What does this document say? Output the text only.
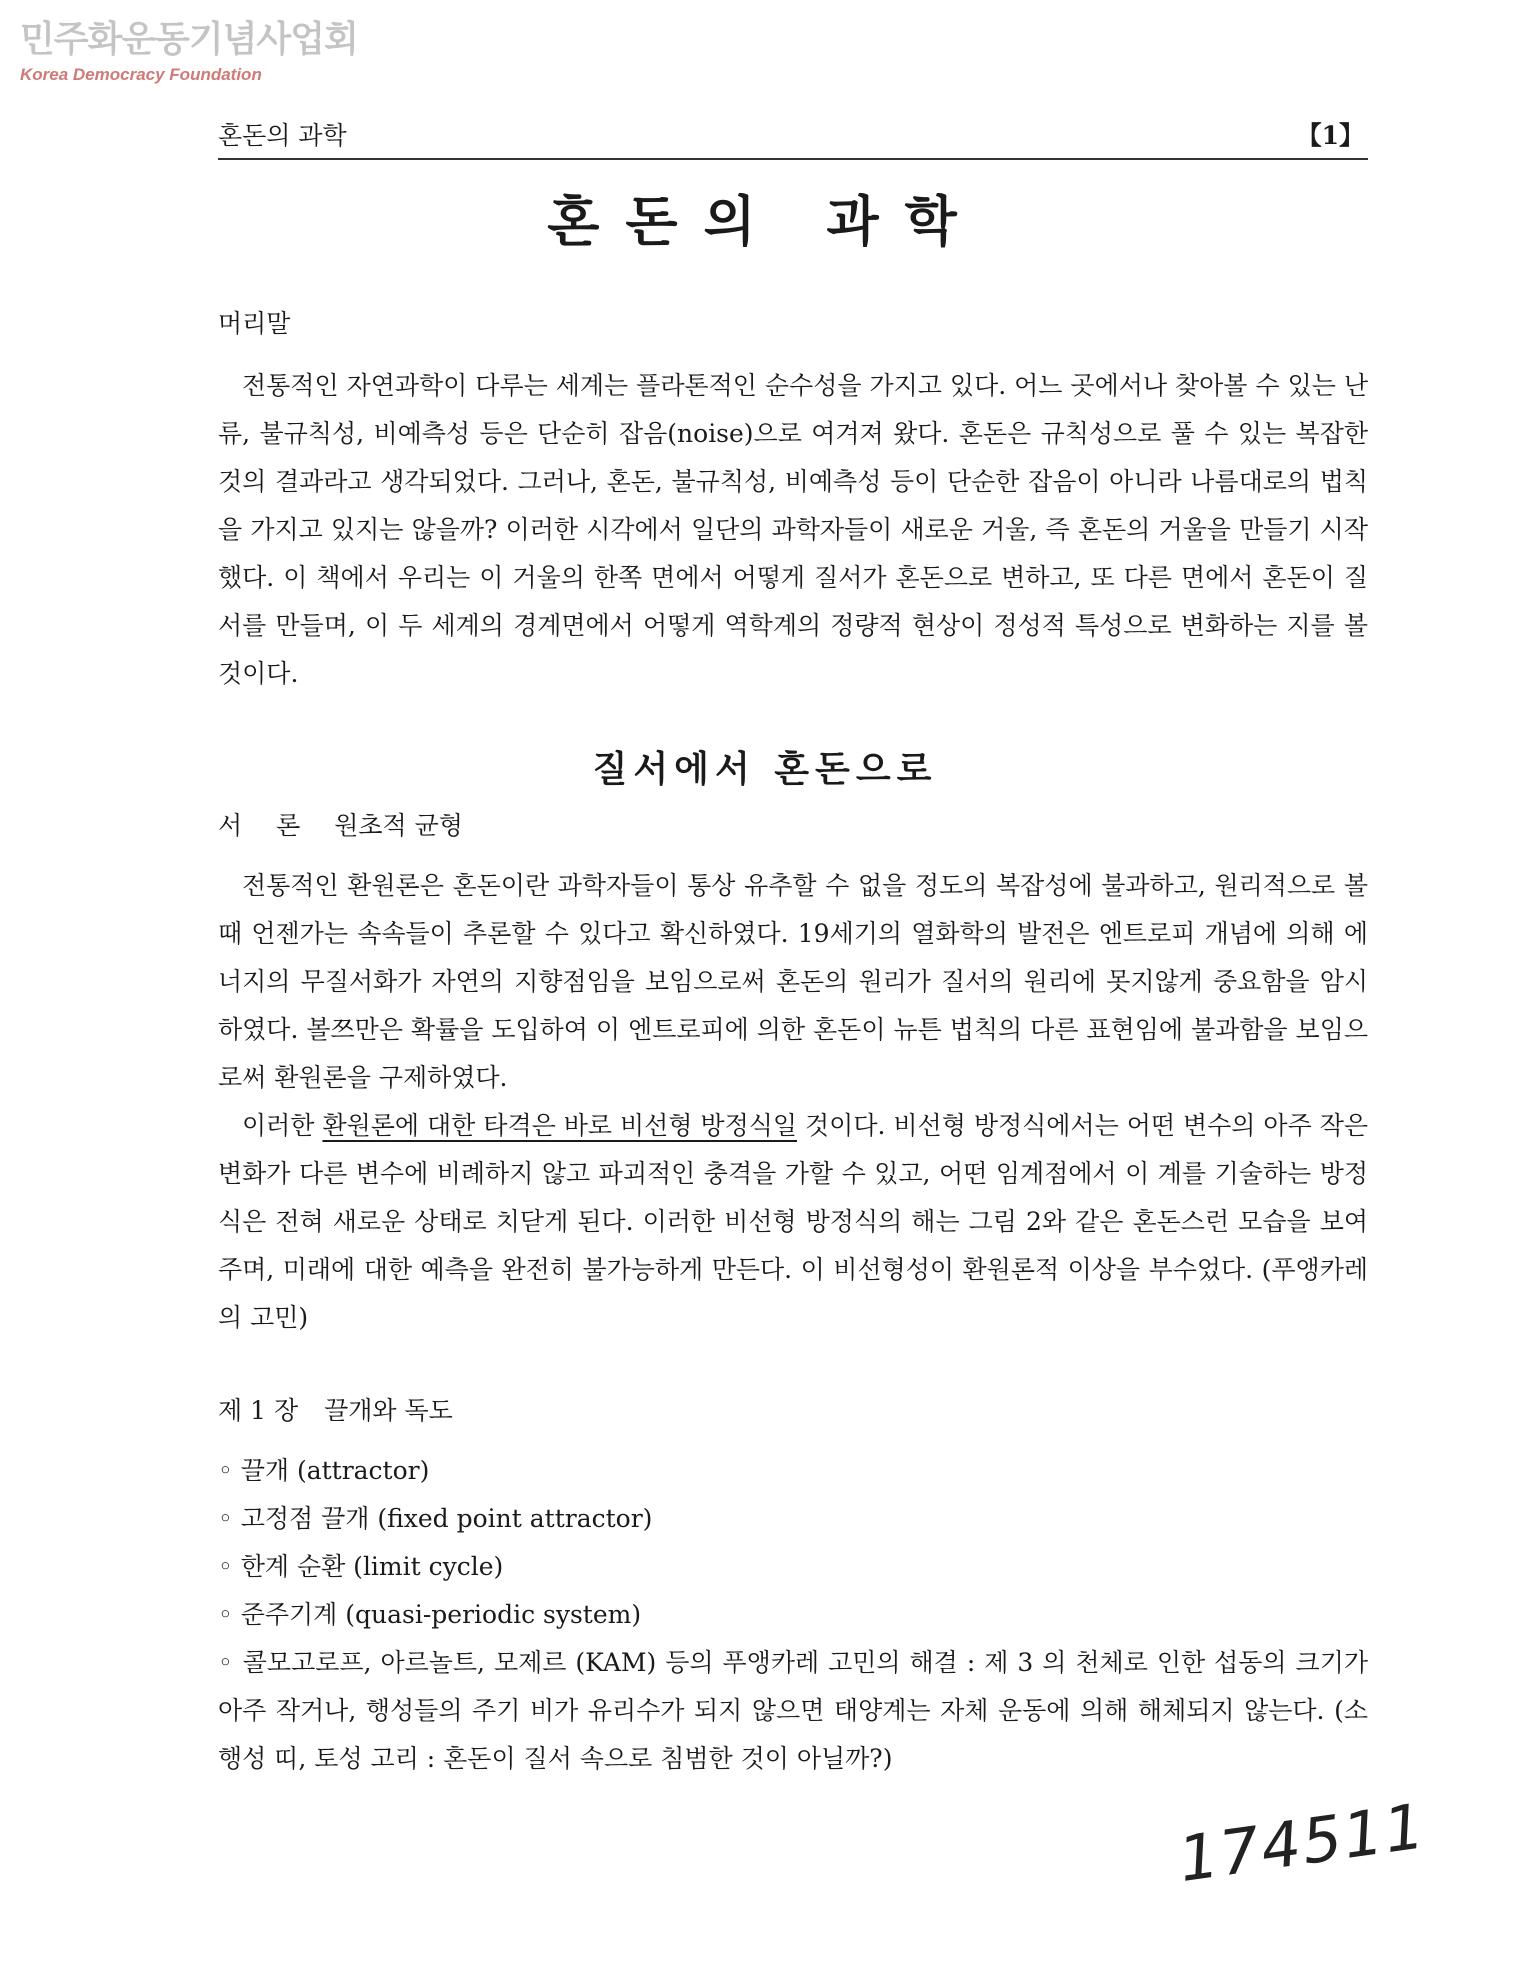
민주화운동기념사업회
Korea Democracy Foundation
혼돈의 과학	【1】
혼돈의 과학
머리말

전통적인 자연과학이 다루는 세계는 플라톤적인 순수성을 가지고 있다. 어느 곳에서나 찾아볼 수 있는 난류, 불규칙성, 비예측성 등은 단순히 잡음(noise)으로 여겨져 왔다. 혼돈은 규칙성으로 풀 수 있는 복잡한 것의 결과라고 생각되었다. 그러나, 혼돈, 불규칙성, 비예측성 등이 단순한 잡음이 아니라 나름대로의 법칙을 가지고 있지는 않을까? 이러한 시각에서 일단의 과학자들이 새로운 거울, 즉 혼돈의 거울을 만들기 시작했다. 이 책에서 우리는 이 거울의 한쪽 면에서 어떻게 질서가 혼돈으로 변하고, 또 다른 면에서 혼돈이 질서를 만들며, 이 두 세계의 경계면에서 어떻게 역학계의 정량적 현상이 정성적 특성으로 변화하는 지를 볼 것이다.

질서에서 혼돈으로
서 론 원초적 균형

전통적인 환원론은 혼돈이란 과학자들이 통상 유추할 수 없을 정도의 복잡성에 불과하고, 원리적으로 볼 때 언젠가는 속속들이 추론할 수 있다고 확신하였다. 19세기의 열화학의 발전은 엔트로피 개념에 의해 에너지의 무질서화가 자연의 지향점임을 보임으로써 혼돈의 원리가 질서의 원리에 못지않게 중요함을 암시하였다. 볼쯔만은 확률을 도입하여 이 엔트로피에 의한 혼돈이 뉴튼 법칙의 다른 표현임에 불과함을 보임으로써 환원론을 구제하였다.

이러한 환원론에 대한 타격은 바로 비선형 방정식일 것이다. 비선형 방정식에서는 어떤 변수의 아주 작은 변화가 다른 변수에 비례하지 않고 파괴적인 충격을 가할 수 있고, 어떤 임계점에서 이 계를 기술하는 방정식은 전혀 새로운 상태로 치닫게 된다. 이러한 비선형 방정식의 해는 그림 2와 같은 혼돈스런 모습을 보여주며, 미래에 대한 예측을 완전히 불가능하게 만든다. 이 비선형성이 환원론적 이상을 부수었다. (푸앵카레의 고민)

제 1 장 끌개와 독도
◦ 끌개 (attractor)
◦ 고정점 끌개 (fixed point attractor)
◦ 한계 순환 (limit cycle)
◦ 준주기계 (quasi-periodic system)
◦ 콜모고로프, 아르놀트, 모제르 (KAM) 등의 푸앵카레 고민의 해결 : 제 3 의 천체로 인한 섭동의 크기가 아주 작거나, 행성들의 주기 비가 유리수가 되지 않으면 태양계는 자체 운동에 의해 해체되지 않는다. (소행성 띠, 토성 고리 : 혼돈이 질서 속으로 침범한 것이 아닐까?)
174511
